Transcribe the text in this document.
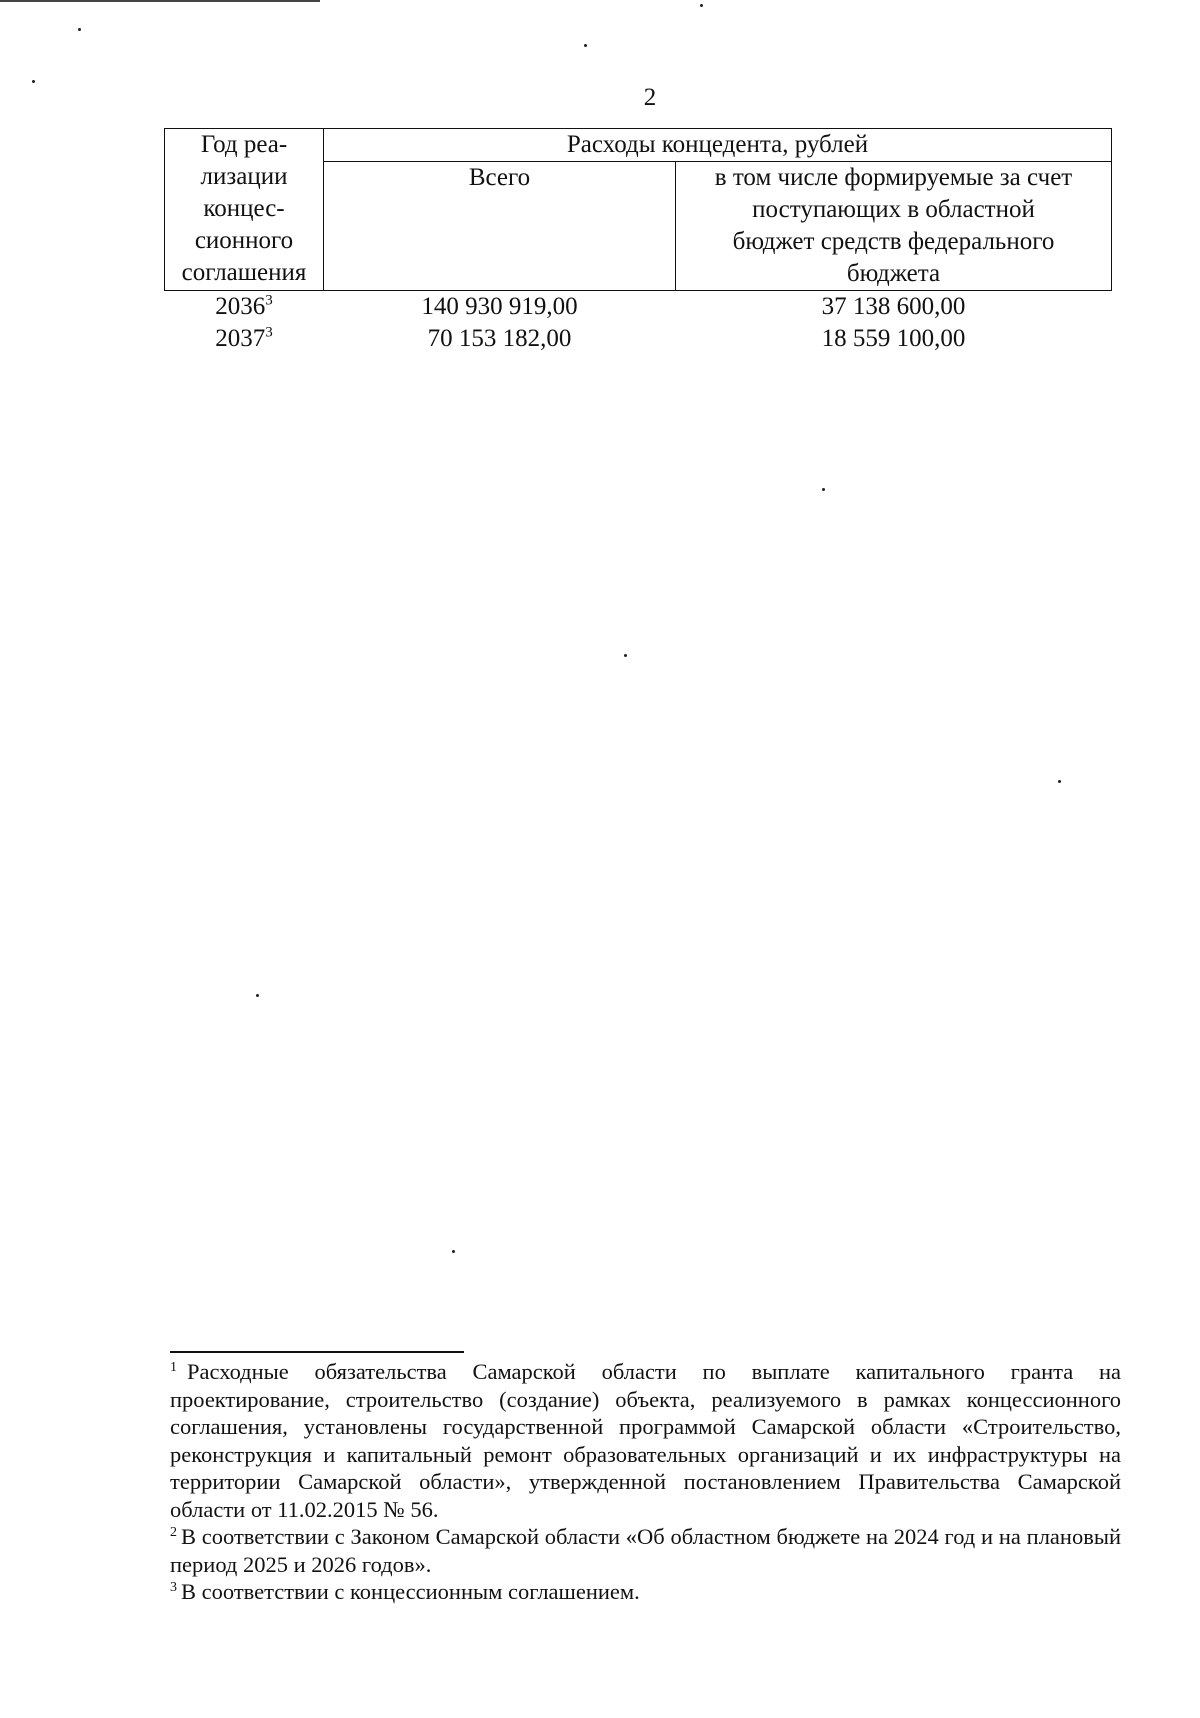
2
Год реа-
лизации
концес-
сионного
соглашения	Расходы концедента, рублей	
	Всего	в том числе формируемые за счет
поступающих в областной
бюджет средств федерального
бюджета

2036$^3$	140 930 919,00	37 138 600,00
2037$^3$	70 153 182,00	18 559 100,00

$^1$ Расходные обязательства Самарской области по выплате капитального гранта на проектирование, строительство (создание) объекта, реализуемого в рамках концессионного соглашения, установлены государственной программой Самарской области «Строительство, реконструкция и капитальный ремонт образовательных организаций и их инфраструктуры на территории Самарской области», утвержденной постановлением Правительства Самарской области от 11.02.2015 № 56.

$^2$ В соответствии с Законом Самарской области «Об областном бюджете на 2024 год и на плановый период 2025 и 2026 годов».

$^3$ В соответствии с концессионным соглашением.
